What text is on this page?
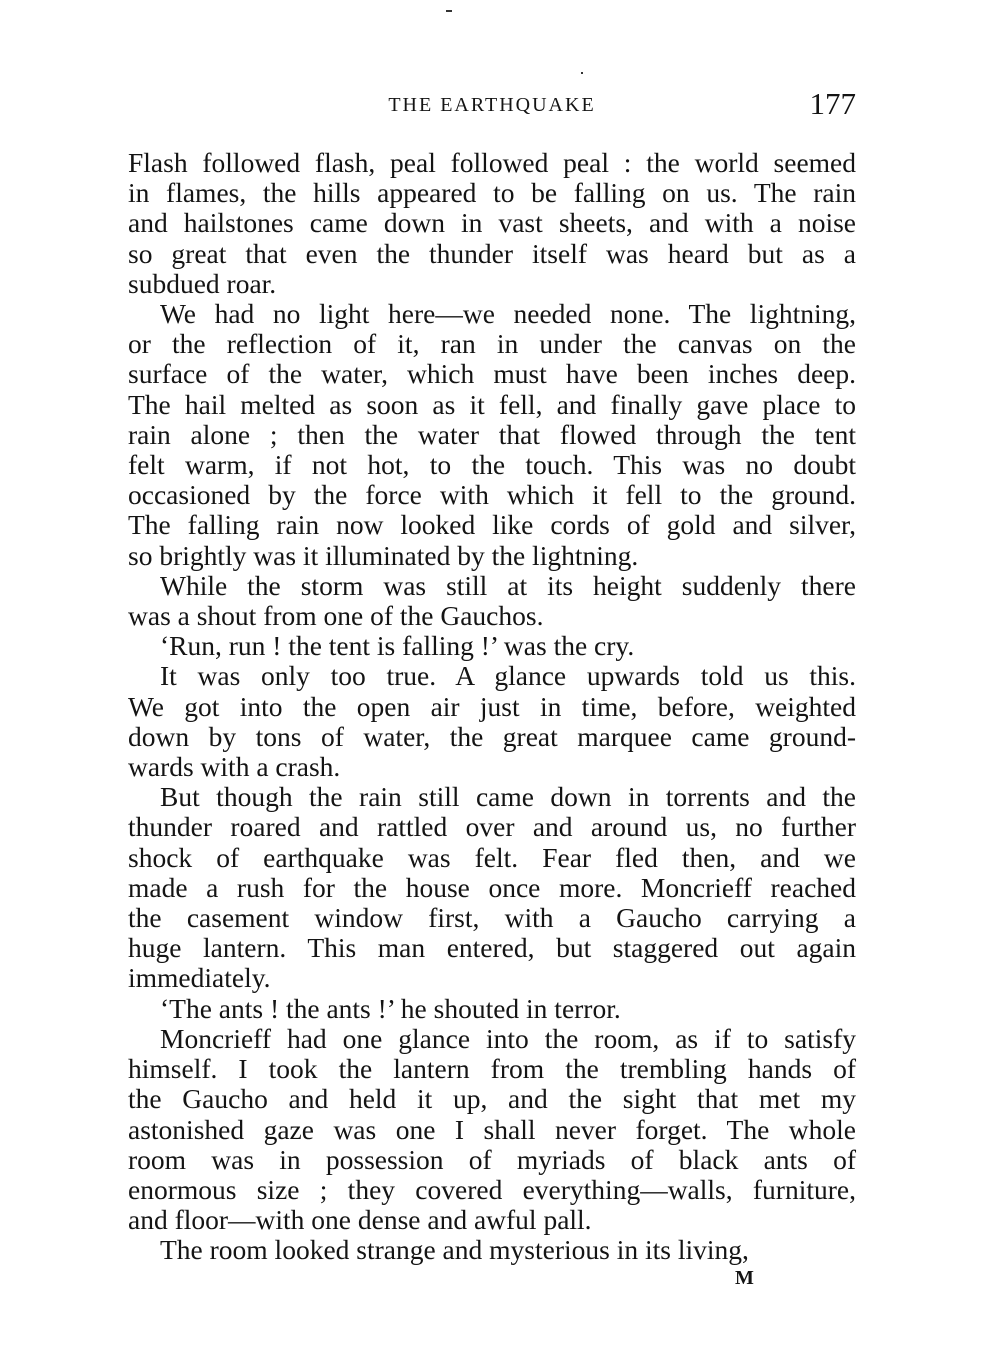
THE EARTHQUAKE	177
Flash followed flash, peal followed peal : the world seemed
in flames, the hills appeared to be falling on us. The rain
and hailstones came down in vast sheets, and with a noise
so great that even the thunder itself was heard but as a
subdued roar.
We had no light here—we needed none. The lightning,
or the reflection of it, ran in under the canvas on the
surface of the water, which must have been inches deep.
The hail melted as soon as it fell, and finally gave place to
rain alone ; then the water that flowed through the tent
felt warm, if not hot, to the touch. This was no doubt
occasioned by the force with which it fell to the ground.
The falling rain now looked like cords of gold and silver,
so brightly was it illuminated by the lightning.
While the storm was still at its height suddenly there
was a shout from one of the Gauchos.
‘Run, run ! the tent is falling !’ was the cry.
It was only too true. A glance upwards told us this.
We got into the open air just in time, before, weighted
down by tons of water, the great marquee came ground-
wards with a crash.
But though the rain still came down in torrents and the
thunder roared and rattled over and around us, no further
shock of earthquake was felt. Fear fled then, and we
made a rush for the house once more. Moncrieff reached
the casement window first, with a Gaucho carrying a
huge lantern. This man entered, but staggered out again
immediately.
‘The ants ! the ants !’ he shouted in terror.
Moncrieff had one glance into the room, as if to satisfy
himself. I took the lantern from the trembling hands of
the Gaucho and held it up, and the sight that met my
astonished gaze was one I shall never forget. The whole
room was in possession of myriads of black ants of
enormous size ; they covered everything—walls, furniture,
and floor—with one dense and awful pall.
The room looked strange and mysterious in its living,
M
